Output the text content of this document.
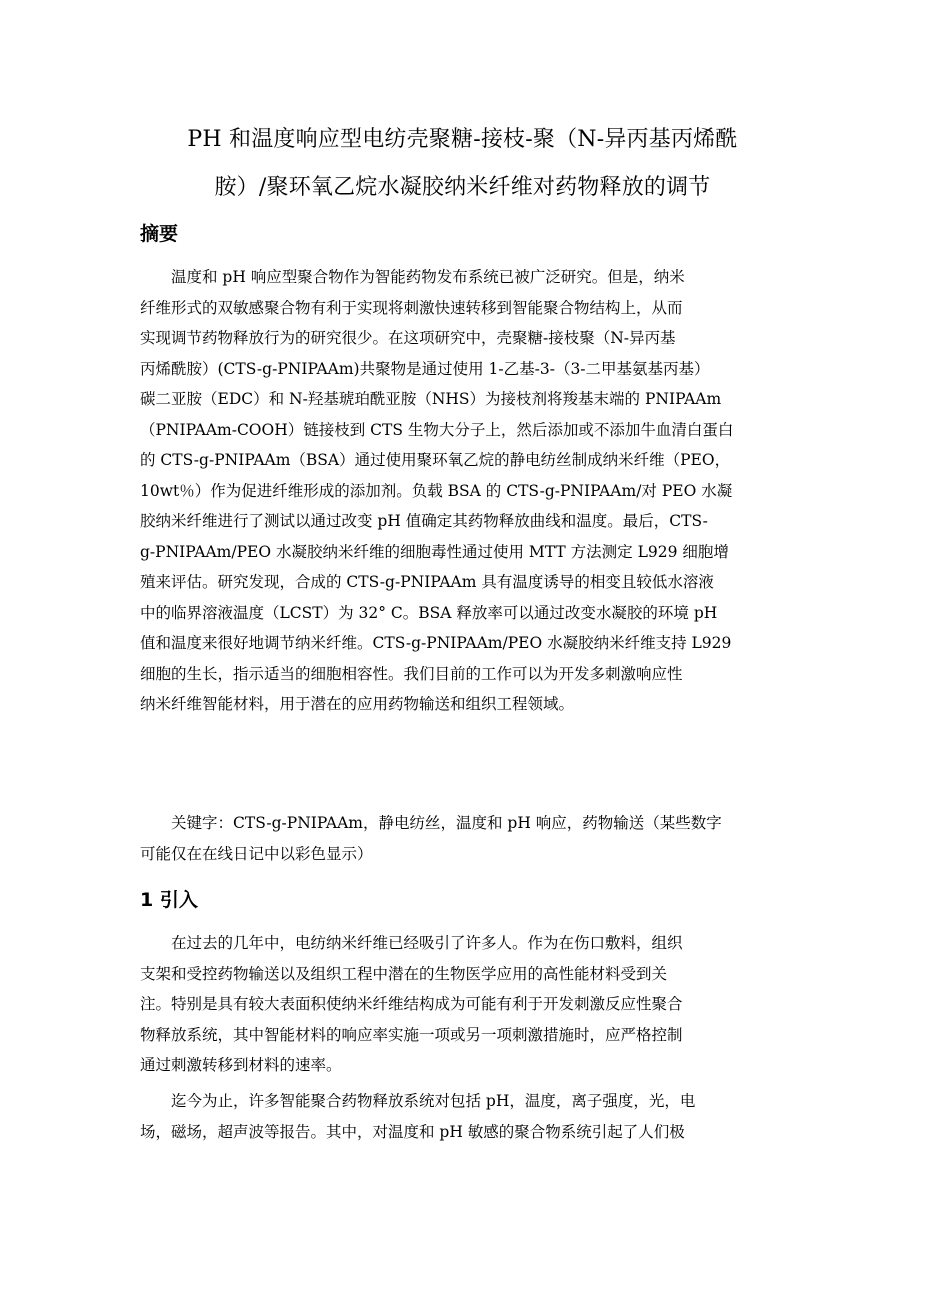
PH 和温度响应型电纺壳聚糖-接枝-聚（N-异丙基丙烯酰
胺）/聚环氧乙烷水凝胶纳米纤维对药物释放的调节
摘要
温度和 pH 响应型聚合物作为智能药物发布系统已被广泛研究。但是，纳米
纤维形式的双敏感聚合物有利于实现将刺激快速转移到智能聚合物结构上，从而
实现调节药物释放行为的研究很少。在这项研究中，壳聚糖-接枝聚（N-异丙基
丙烯酰胺）(CTS-g-PNIPAAm)共聚物是通过使用 1-乙基-3-（3-二甲基氨基丙基）
碳二亚胺（EDC）和 N-羟基琥珀酰亚胺（NHS）为接枝剂将羧基末端的 PNIPAAm
（PNIPAAm-COOH）链接枝到 CTS 生物大分子上，然后添加或不添加牛血清白蛋白
的 CTS-g-PNIPAAm（BSA）通过使用聚环氧乙烷的静电纺丝制成纳米纤维（PEO，
10wt％）作为促进纤维形成的添加剂。负载 BSA 的 CTS-g-PNIPAAm/对 PEO 水凝
胶纳米纤维进行了测试以通过改变 pH 值确定其药物释放曲线和温度。最后，CTS-
g-PNIPAAm/PEO 水凝胶纳米纤维的细胞毒性通过使用 MTT 方法测定 L929 细胞增
殖来评估。研究发现，合成的 CTS-g-PNIPAAm 具有温度诱导的相变且较低水溶液
中的临界溶液温度（LCST）为 32° C。BSA 释放率可以通过改变水凝胶的环境 pH
值和温度来很好地调节纳米纤维。CTS-g-PNIPAAm/PEO 水凝胶纳米纤维支持 L929
细胞的生长，指示适当的细胞相容性。我们目前的工作可以为开发多刺激响应性
纳米纤维智能材料，用于潜在的应用药物输送和组织工程领域。
关键字：CTS-g-PNIPAAm，静电纺丝，温度和 pH 响应，药物输送（某些数字
可能仅在在线日记中以彩色显示）
1 引入
在过去的几年中，电纺纳米纤维已经吸引了许多人。作为在伤口敷料，组织
支架和受控药物输送以及组织工程中潜在的生物医学应用的高性能材料受到关
注。特别是具有较大表面积使纳米纤维结构成为可能有利于开发刺激反应性聚合
物释放系统，其中智能材料的响应率实施一项或另一项刺激措施时，应严格控制
通过刺激转移到材料的速率。
迄今为止，许多智能聚合药物释放系统对包括 pH，温度，离子强度，光，电
场，磁场，超声波等报告。其中，对温度和 pH 敏感的聚合物系统引起了人们极
